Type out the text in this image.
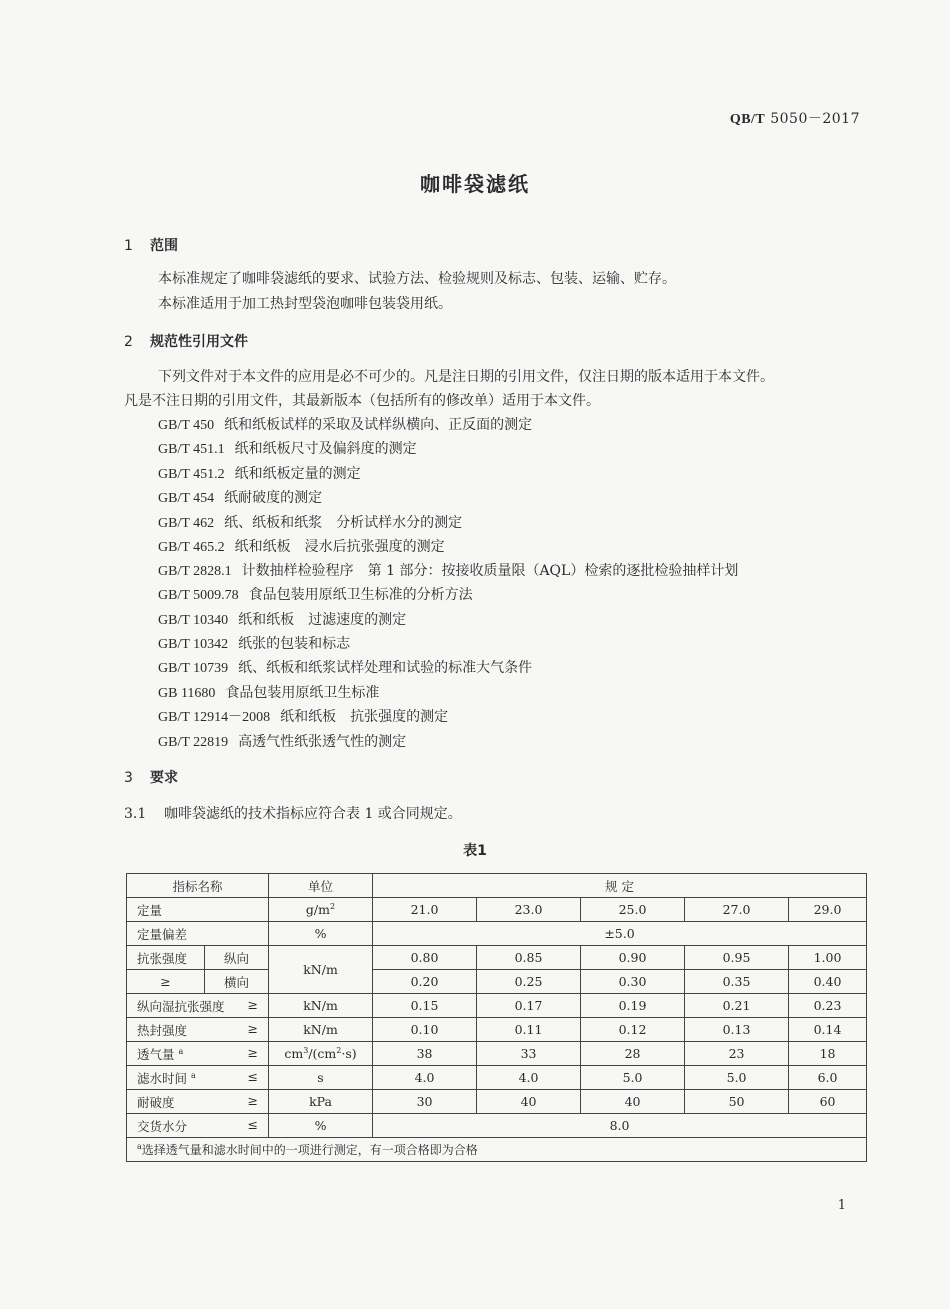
QB/T 5050－2017
咖啡袋滤纸
1 范围
本标准规定了咖啡袋滤纸的要求、试验方法、检验规则及标志、包装、运输、贮存。
本标准适用于加工热封型袋泡咖啡包装袋用纸。
2 规范性引用文件
下列文件对于本文件的应用是必不可少的。凡是注日期的引用文件，仅注日期的版本适用于本文件。
凡是不注日期的引用文件，其最新版本（包括所有的修改单）适用于本文件。
GB/T 450 纸和纸板试样的采取及试样纵横向、正反面的测定
GB/T 451.1 纸和纸板尺寸及偏斜度的测定
GB/T 451.2 纸和纸板定量的测定
GB/T 454 纸耐破度的测定
GB/T 462 纸、纸板和纸浆　分析试样水分的测定
GB/T 465.2 纸和纸板　浸水后抗张强度的测定
GB/T 2828.1 计数抽样检验程序　第 1 部分：按接收质量限（AQL）检索的逐批检验抽样计划
GB/T 5009.78 食品包装用原纸卫生标准的分析方法
GB/T 10340 纸和纸板　过滤速度的测定
GB/T 10342 纸张的包装和标志
GB/T 10739 纸、纸板和纸浆试样处理和试验的标准大气条件
GB 11680 食品包装用原纸卫生标准
GB/T 12914－2008 纸和纸板　抗张强度的测定
GB/T 22819 高透气性纸张透气性的测定
3 要求
3.1 咖啡袋滤纸的技术指标应符合表 1 或合同规定。
表1
指标名称		单位	规 定				
定量		$g/m^2$	21.0	23.0	25.0	27.0	29.0
定量偏差		%	±5.0				
抗张强度	纵向	kN/m	0.80	0.85	0.90	0.95	1.00
≥	横向		0.20	0.25	0.30	0.35	0.40

纵向湿抗张强度 ≥		kN/m	0.15	0.17	0.19	0.21	0.23

热封强度 ≥		kN/m	0.10	0.11	0.12	0.13	0.14

透气量 $^a$ ≥		$cm^3/(cm^2\cdot s)$	38	33	28	23	18

滤水时间 $^a$ ≤		s	4.0	4.0	5.0	5.0	6.0

耐破度 ≥		kPa	30	40	40	50	60

交货水分 ≤		%	8.0				
$^a$选择透气量和滤水时间中的一项进行测定，有一项合格即为合格							
1
